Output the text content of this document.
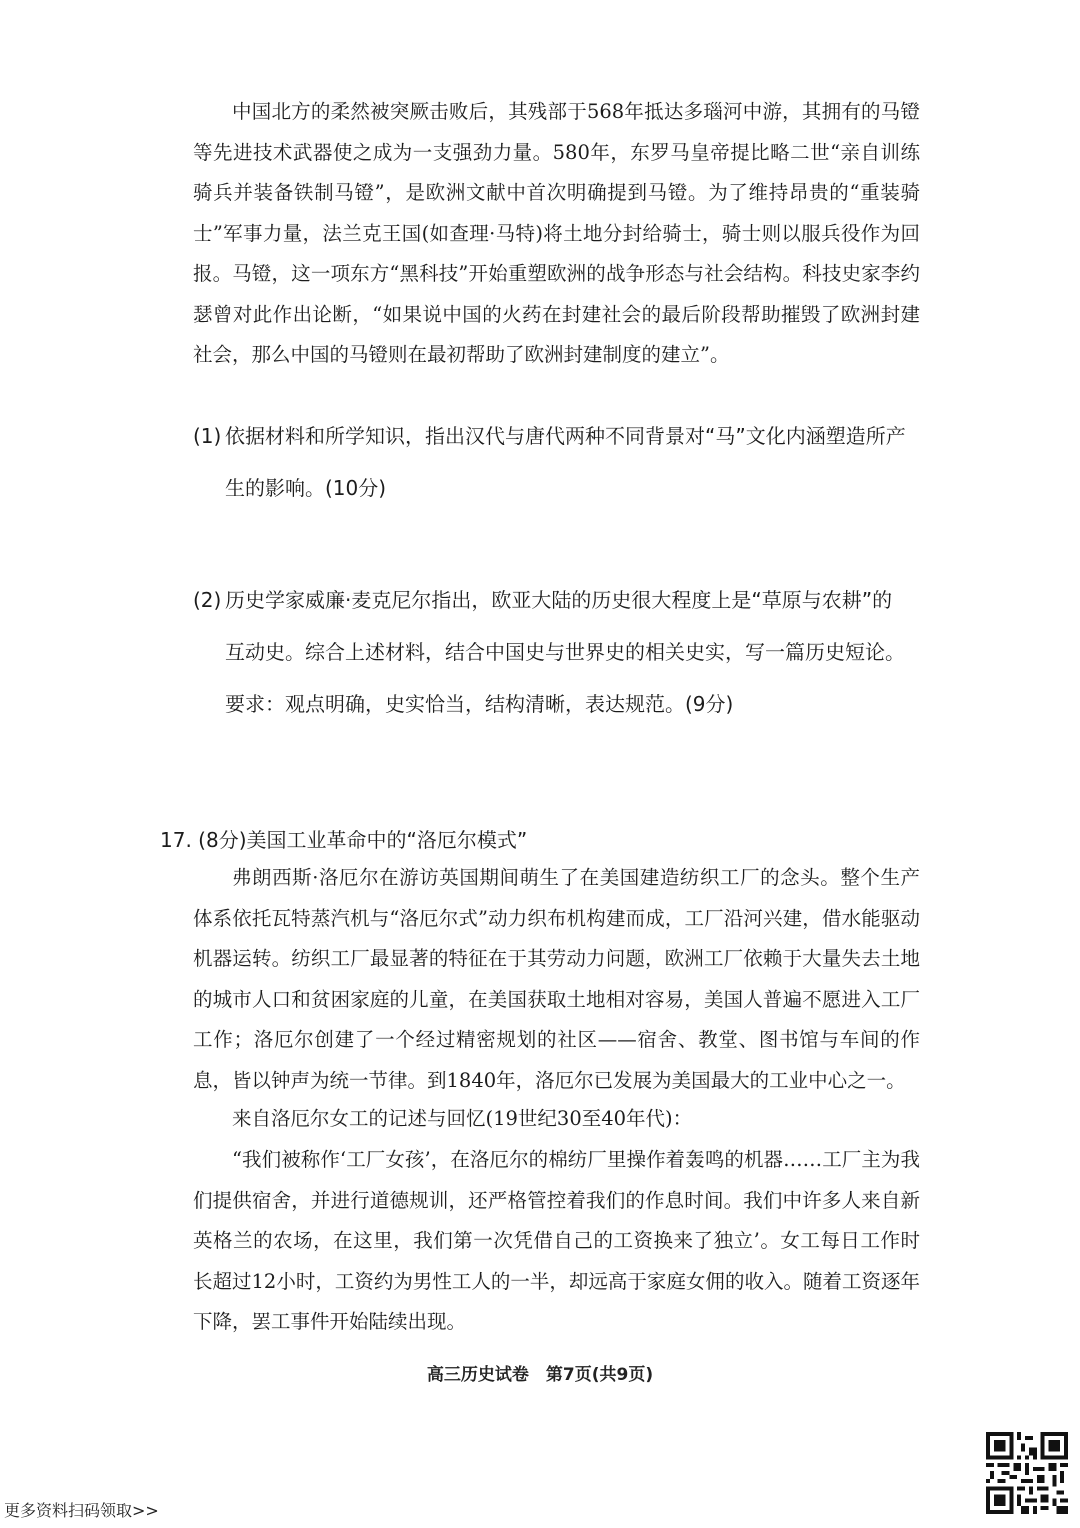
中国北方的柔然被突厥击败后，其残部于568年抵达多瑙河中游，其拥有的马镫等先进技术武器使之成为一支强劲力量。580年，东罗马皇帝提比略二世“亲自训练骑兵并装备铁制马镫”，是欧洲文献中首次明确提到马镫。为了维持昂贵的“重装骑士”军事力量，法兰克王国(如查理·马特)将土地分封给骑士，骑士则以服兵役作为回报。马镫，这一项东方“黑科技”开始重塑欧洲的战争形态与社会结构。科技史家李约瑟曾对此作出论断，“如果说中国的火药在封建社会的最后阶段帮助摧毁了欧洲封建社会，那么中国的马镫则在最初帮助了欧洲封建制度的建立”。

(1) 依据材料和所学知识，指出汉代与唐代两种不同背景对“马”文化内涵塑造所产
生的影响。(10分)
(2) 历史学家威廉·麦克尼尔指出，欧亚大陆的历史很大程度上是“草原与农耕”的
互动史。综合上述材料，结合中国史与世界史的相关史实，写一篇历史短论。
要求：观点明确，史实恰当，结构清晰，表达规范。(9分)

17. (8分)美国工业革命中的“洛厄尔模式”

弗朗西斯·洛厄尔在游访英国期间萌生了在美国建造纺织工厂的念头。整个生产体系依托瓦特蒸汽机与“洛厄尔式”动力织布机构建而成，工厂沿河兴建，借水能驱动机器运转。纺织工厂最显著的特征在于其劳动力问题，欧洲工厂依赖于大量失去土地的城市人口和贫困家庭的儿童，在美国获取土地相对容易，美国人普遍不愿进入工厂工作；洛厄尔创建了一个经过精密规划的社区——宿舍、教堂、图书馆与车间的作息，皆以钟声为统一节律。到1840年，洛厄尔已发展为美国最大的工业中心之一。

来自洛厄尔女工的记述与回忆(19世纪30至40年代)：

“我们被称作‘工厂女孩’，在洛厄尔的棉纺厂里操作着轰鸣的机器……工厂主为我们提供宿舍，并进行道德规训，还严格管控着我们的作息时间。我们中许多人来自新英格兰的农场，在这里，我们第一次凭借自己的工资换来了独立’。女工每日工作时长超过12小时，工资约为男性工人的一半，却远高于家庭女佣的收入。随着工资逐年下降，罢工事件开始陆续出现。

高三历史试卷　第7页(共9页)
更多资料扫码领取>>
